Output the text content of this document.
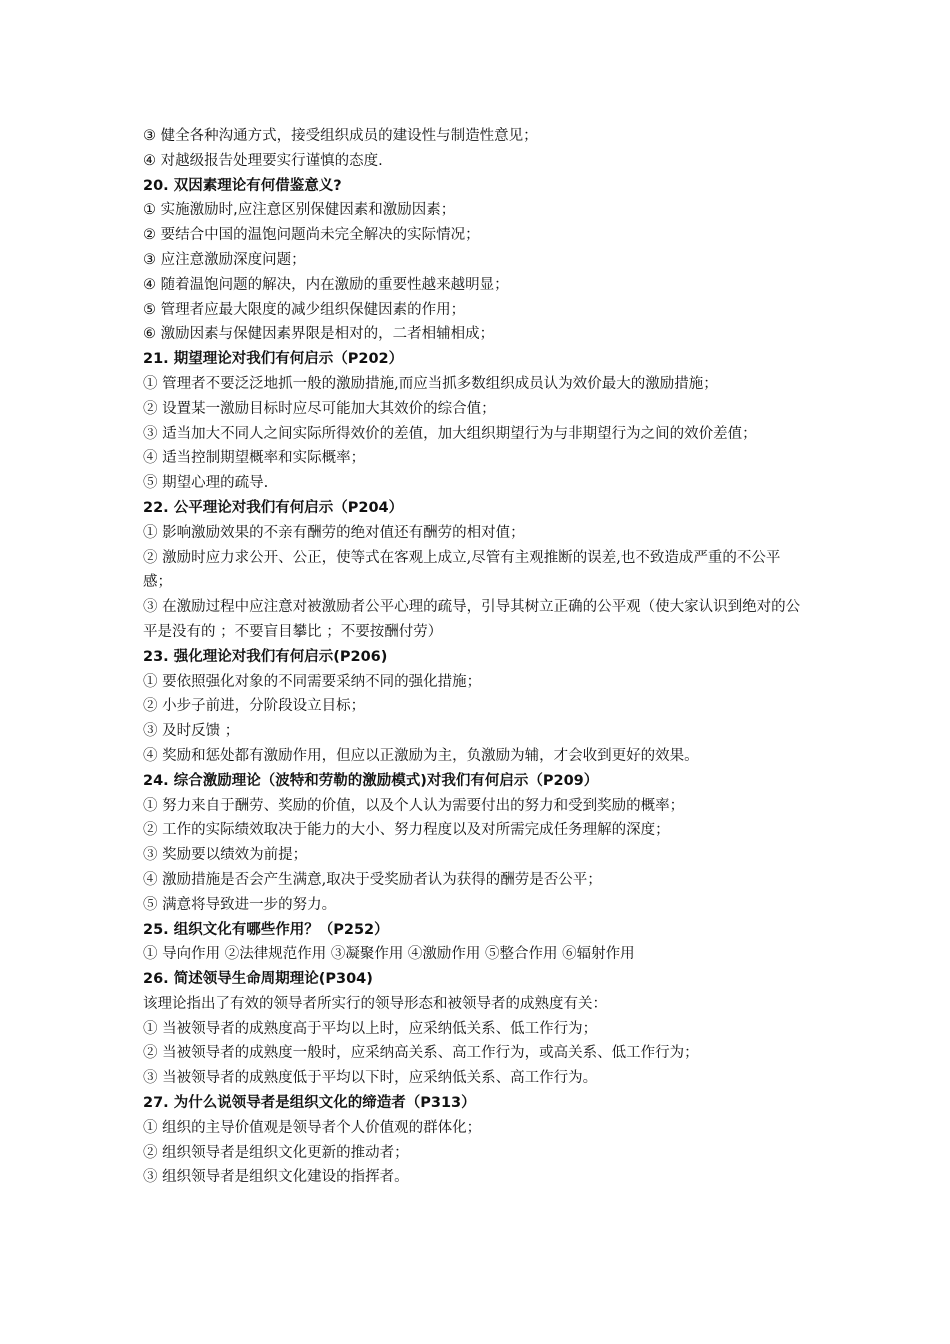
③ 健全各种沟通方式，接受组织成员的建设性与制造性意见；
④ 对越级报告处理要实行谨慎的态度.
20. 双因素理论有何借鉴意义?
① 实施激励时,应注意区别保健因素和激励因素；
② 要结合中国的温饱问题尚未完全解决的实际情况；
③ 应注意激励深度问题；
④ 随着温饱问题的解决，内在激励的重要性越来越明显；
⑤ 管理者应最大限度的减少组织保健因素的作用；
⑥ 激励因素与保健因素界限是相对的，二者相辅相成；
21. 期望理论对我们有何启示（P202）
① 管理者不要泛泛地抓一般的激励措施,而应当抓多数组织成员认为效价最大的激励措施；
② 设置某一激励目标时应尽可能加大其效价的综合值；
③ 适当加大不同人之间实际所得效价的差值，加大组织期望行为与非期望行为之间的效价差值；
④ 适当控制期望概率和实际概率；
⑤ 期望心理的疏导.
22. 公平理论对我们有何启示（P204）
① 影响激励效果的不亲有酬劳的绝对值还有酬劳的相对值；
② 激励时应力求公开、公正，使等式在客观上成立,尽管有主观推断的误差,也不致造成严重的不公平感；
③ 在激励过程中应注意对被激励者公平心理的疏导，引导其树立正确的公平观（使大家认识到绝对的公平是没有的 ；不要盲目攀比 ；不要按酬付劳）
23. 强化理论对我们有何启示(P206)
① 要依照强化对象的不同需要采纳不同的强化措施；
② 小步子前进，分阶段设立目标；
③ 及时反馈 ；
④ 奖励和惩处都有激励作用，但应以正激励为主，负激励为辅，才会收到更好的效果。
24. 综合激励理论（波特和劳勒的激励模式)对我们有何启示（P209）
① 努力来自于酬劳、奖励的价值，以及个人认为需要付出的努力和受到奖励的概率；
② 工作的实际绩效取决于能力的大小、努力程度以及对所需完成任务理解的深度；
③ 奖励要以绩效为前提；
④ 激励措施是否会产生满意,取决于受奖励者认为获得的酬劳是否公平；
⑤ 满意将导致进一步的努力。
25. 组织文化有哪些作用？（P252）
① 导向作用 ②法律规范作用 ③凝聚作用 ④激励作用 ⑤整合作用 ⑥辐射作用
26. 简述领导生命周期理论(P304)
该理论指出了有效的领导者所实行的领导形态和被领导者的成熟度有关：
① 当被领导者的成熟度高于平均以上时，应采纳低关系、低工作行为；
② 当被领导者的成熟度一般时，应采纳高关系、高工作行为，或高关系、低工作行为；
③ 当被领导者的成熟度低于平均以下时，应采纳低关系、高工作行为。
27. 为什么说领导者是组织文化的缔造者（P313）
① 组织的主导价值观是领导者个人价值观的群体化；
② 组织领导者是组织文化更新的推动者；
③ 组织领导者是组织文化建设的指挥者。
